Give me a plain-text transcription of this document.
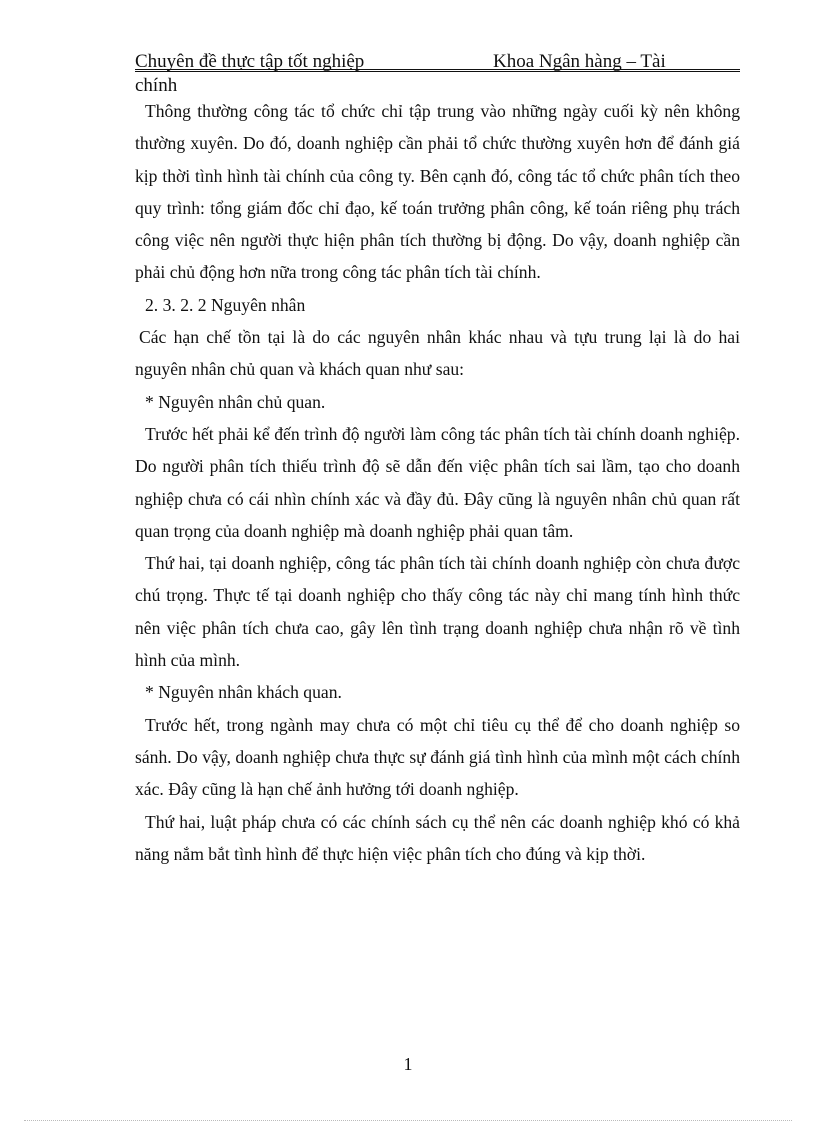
Chuyên đề thực tập tốt nghiệp	Khoa Ngân hàng – Tài
chính

Thông thường công tác tổ chức chỉ tập trung vào những ngày cuối kỳ nên không thường xuyên. Do đó, doanh nghiệp cần phải tổ chức thường xuyên hơn để đánh giá kịp thời tình hình tài chính của công ty. Bên cạnh đó, công tác tổ chức phân tích theo quy trình: tổng giám đốc chỉ đạo, kế toán trưởng phân công, kế toán riêng phụ trách công việc nên người thực hiện phân tích thường bị động. Do vậy, doanh nghiệp cần phải chủ động hơn nữa trong công tác phân tích tài chính.

2. 3. 2. 2 Nguyên nhân

Các hạn chế tồn tại là do các nguyên nhân khác nhau và tựu trung lại là do hai nguyên nhân chủ quan và khách quan như sau:

* Nguyên nhân chủ quan.

Trước hết phải kể đến trình độ người làm công tác phân tích tài chính doanh nghiệp. Do người phân tích thiếu trình độ sẽ dẫn đến việc phân tích sai lầm, tạo cho doanh nghiệp chưa có cái nhìn chính xác và đầy đủ. Đây cũng là nguyên nhân chủ quan rất quan trọng của doanh nghiệp mà doanh nghiệp phải quan tâm.

Thứ hai, tại doanh nghiệp, công tác phân tích tài chính doanh nghiệp còn chưa được chú trọng. Thực tế tại doanh nghiệp cho thấy công tác này chỉ mang tính hình thức nên việc phân tích chưa cao, gây lên tình trạng doanh nghiệp chưa nhận rõ về tình hình của mình.

* Nguyên nhân khách quan.

Trước hết, trong ngành may chưa có một chỉ tiêu cụ thể để cho doanh nghiệp so sánh. Do vậy, doanh nghiệp chưa thực sự đánh giá tình hình của mình một cách chính xác. Đây cũng là hạn chế ảnh hưởng tới doanh nghiệp.

Thứ hai, luật pháp chưa có các chính sách cụ thể nên các doanh nghiệp khó có khả năng nắm bắt tình hình để thực hiện việc phân tích cho đúng và kịp thời.

1
